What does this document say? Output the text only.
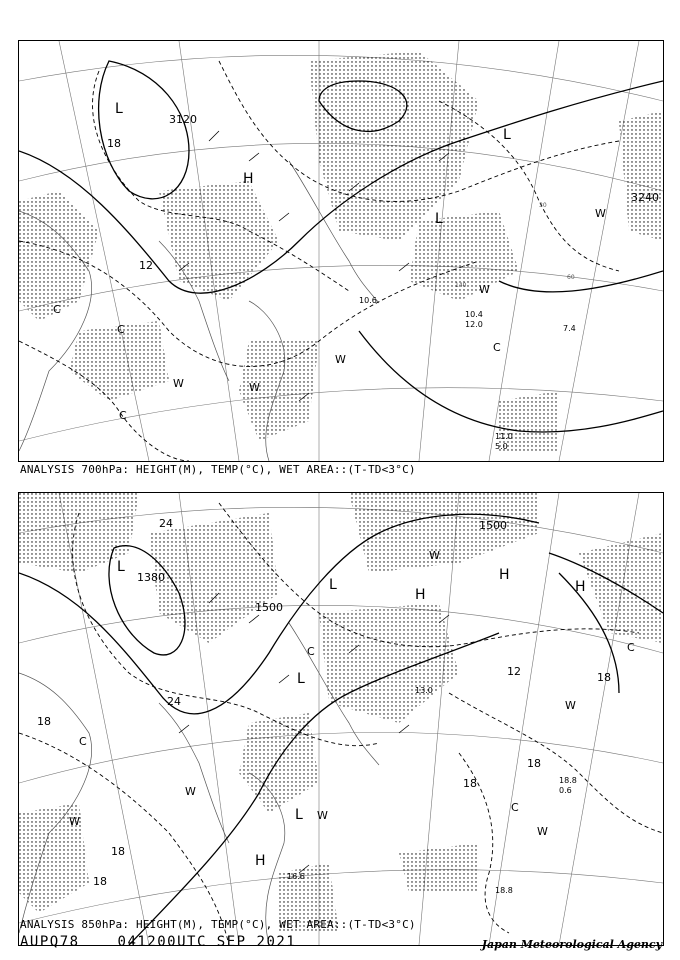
L
L
L
H
3120
3240
18
12
C
C
C
C
W	W
W
W
W
140
60
30
11.0
5.0
10.6
10.4
12.0	7.4
ANALYSIS 700hPa: HEIGHT(M), TEMP(°C), WET AREA::(T-TD<3°C)
L
L
L
L
H
H
H
H
1380
1500
1500
24
24
18
18
18
18
18
18
12
C
C
C
C
W
W
W
W
W
W
18.8
0.6
13.0
18.8
16.6
ANALYSIS 850hPa: HEIGHT(M), TEMP(°C), WET AREA::(T-TD<3°C)
AUPQ78	041200UTC SEP 2021	Japan Meteorological Agency
